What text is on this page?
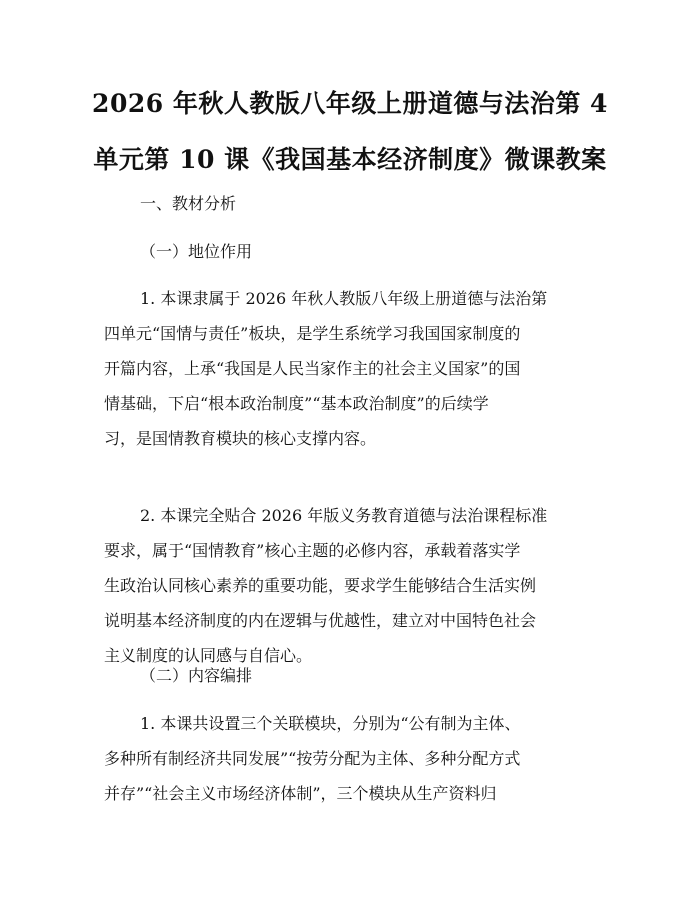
2026 年秋人教版八年级上册道德与法治第 4
单元第 10 课《我国基本经济制度》微课教案
一、教材分析
（一）地位作用
1. 本课隶属于 2026 年秋人教版八年级上册道德与法治第
四单元“国情与责任”板块，是学生系统学习我国国家制度的
开篇内容，上承“我国是人民当家作主的社会主义国家”的国
情基础，下启“根本政治制度”“基本政治制度”的后续学
习，是国情教育模块的核心支撑内容。
2. 本课完全贴合 2026 年版义务教育道德与法治课程标准
要求，属于“国情教育”核心主题的必修内容，承载着落实学
生政治认同核心素养的重要功能，要求学生能够结合生活实例
说明基本经济制度的内在逻辑与优越性，建立对中国特色社会
主义制度的认同感与自信心。
（二）内容编排
1. 本课共设置三个关联模块，分别为“公有制为主体、
多种所有制经济共同发展”“按劳分配为主体、多种分配方式
并存”“社会主义市场经济体制”，三个模块从生产资料归
